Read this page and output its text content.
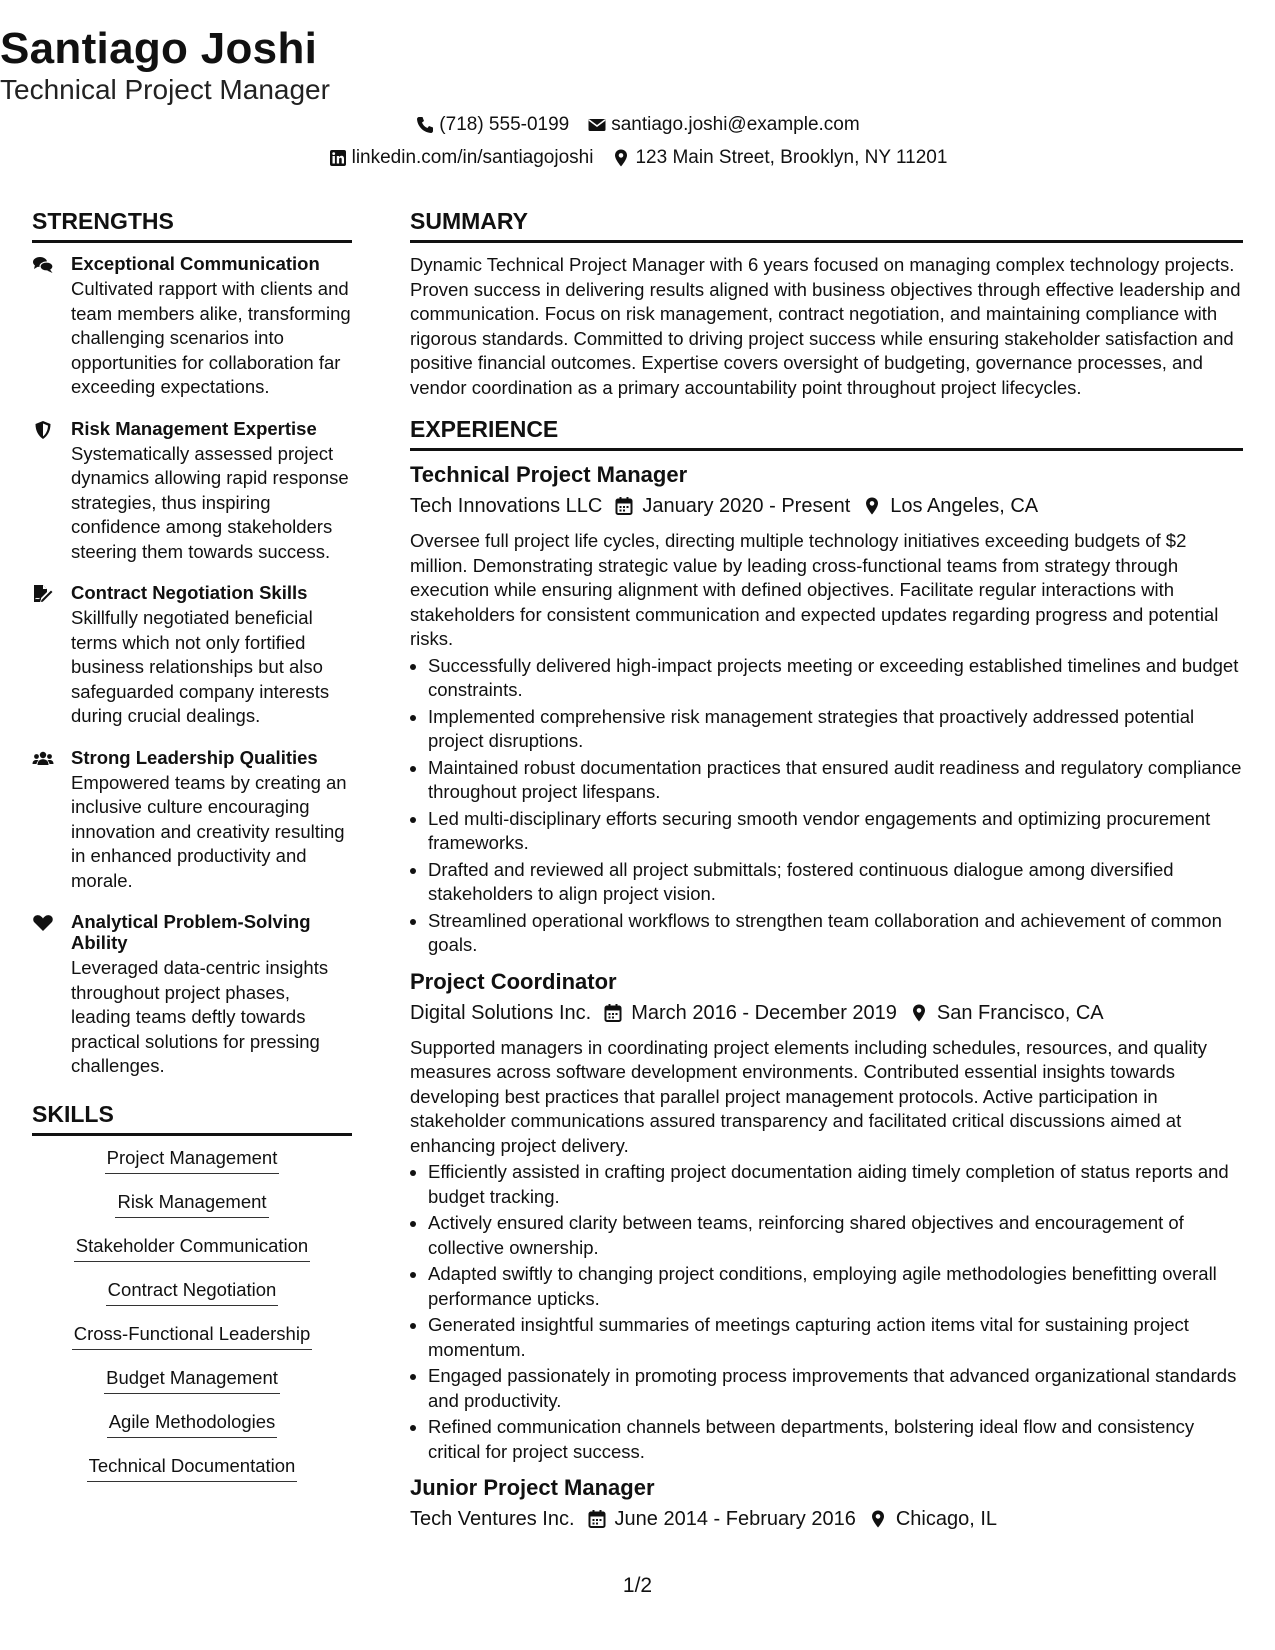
Santiago Joshi
Technical Project Manager
(718) 555-0199 santiago.joshi@example.com
linkedin.com/in/santiagojoshi 123 Main Street, Brooklyn, NY 11201
STRENGTHS
Exceptional Communication
Cultivated rapport with clients and team members alike, transforming challenging scenarios into opportunities for collaboration far exceeding expectations.
Risk Management Expertise
Systematically assessed project dynamics allowing rapid response strategies, thus inspiring confidence among stakeholders steering them towards success.
Contract Negotiation Skills
Skillfully negotiated beneficial terms which not only fortified business relationships but also safeguarded company interests during crucial dealings.
Strong Leadership Qualities
Empowered teams by creating an inclusive culture encouraging innovation and creativity resulting in enhanced productivity and morale.
Analytical Problem-Solving Ability
Leveraged data-centric insights throughout project phases, leading teams deftly towards practical solutions for pressing challenges.
SKILLS
Project Management
Risk Management
Stakeholder Communication
Contract Negotiation
Cross-Functional Leadership
Budget Management
Agile Methodologies
Technical Documentation
SUMMARY
Dynamic Technical Project Manager with 6 years focused on managing complex technology projects. Proven success in delivering results aligned with business objectives through effective leadership and communication. Focus on risk management, contract negotiation, and maintaining compliance with rigorous standards. Committed to driving project success while ensuring stakeholder satisfaction and positive financial outcomes. Expertise covers oversight of budgeting, governance processes, and vendor coordination as a primary accountability point throughout project lifecycles.
EXPERIENCE
Technical Project Manager
Tech Innovations LLC January 2020 - Present Los Angeles, CA
Oversee full project life cycles, directing multiple technology initiatives exceeding budgets of $2 million. Demonstrating strategic value by leading cross-functional teams from strategy through execution while ensuring alignment with defined objectives. Facilitate regular interactions with stakeholders for consistent communication and expected updates regarding progress and potential risks.
• Successfully delivered high-impact projects meeting or exceeding established timelines and budget constraints.
• Implemented comprehensive risk management strategies that proactively addressed potential project disruptions.
• Maintained robust documentation practices that ensured audit readiness and regulatory compliance throughout project lifespans.
• Led multi-disciplinary efforts securing smooth vendor engagements and optimizing procurement frameworks.
• Drafted and reviewed all project submittals; fostered continuous dialogue among diversified stakeholders to align project vision.
• Streamlined operational workflows to strengthen team collaboration and achievement of common goals.
Project Coordinator
Digital Solutions Inc. March 2016 - December 2019 San Francisco, CA
Supported managers in coordinating project elements including schedules, resources, and quality measures across software development environments. Contributed essential insights towards developing best practices that parallel project management protocols. Active participation in stakeholder communications assured transparency and facilitated critical discussions aimed at enhancing project delivery.
• Efficiently assisted in crafting project documentation aiding timely completion of status reports and budget tracking.
• Actively ensured clarity between teams, reinforcing shared objectives and encouragement of collective ownership.
• Adapted swiftly to changing project conditions, employing agile methodologies benefitting overall performance upticks.
• Generated insightful summaries of meetings capturing action items vital for sustaining project momentum.
• Engaged passionately in promoting process improvements that advanced organizational standards and productivity.
• Refined communication channels between departments, bolstering ideal flow and consistency critical for project success.
Junior Project Manager
Tech Ventures Inc. June 2014 - February 2016 Chicago, IL
1/2
